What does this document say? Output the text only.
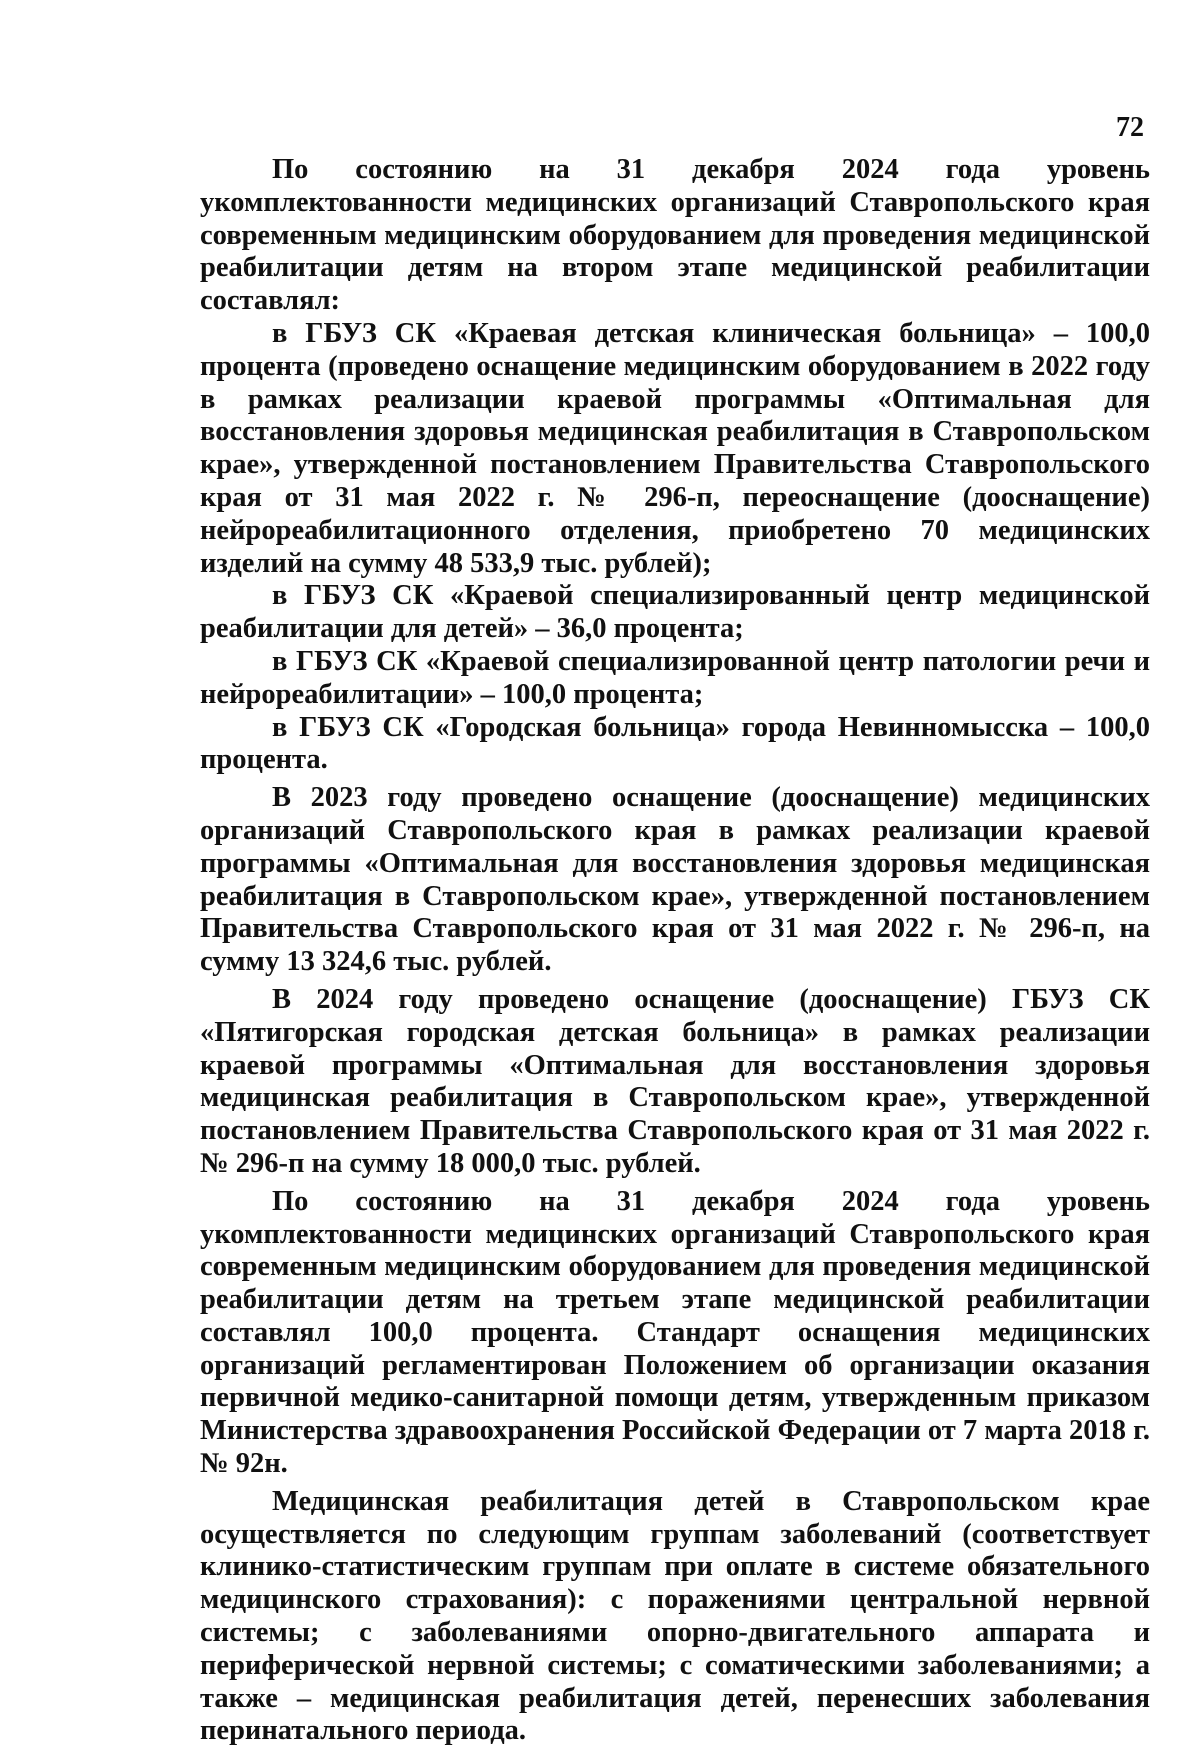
72

По состоянию на 31 декабря 2024 года уровень укомплектованности медицинских организаций Ставропольского края современным медицинским оборудованием для проведения медицинской реабилитации детям на втором этапе медицинской реабилитации составлял:

в ГБУЗ СК «Краевая детская клиническая больница» – 100,0 процента (проведено оснащение медицинским оборудованием в 2022 году в рамках реализации краевой программы «Оптимальная для восстановления здоровья медицинская реабилитация в Ставропольском крае», утвержденной постановлением Правительства Ставропольского края от 31 мая 2022 г. № 296-п, переоснащение (дооснащение) нейрореабилитационного отделения, приобретено 70 медицинских изделий на сумму 48 533,9 тыс. рублей);

в ГБУЗ СК «Краевой специализированный центр медицинской реабилитации для детей» – 36,0 процента;

в ГБУЗ СК «Краевой специализированной центр патологии речи и нейрореабилитации» – 100,0 процента;

в ГБУЗ СК «Городская больница» города Невинномысска – 100,0 процента.

В 2023 году проведено оснащение (дооснащение) медицинских организаций Ставропольского края в рамках реализации краевой программы «Оптимальная для восстановления здоровья медицинская реабилитация в Ставропольском крае», утвержденной постановлением Правительства Ставропольского края от 31 мая 2022 г. № 296-п, на сумму 13 324,6 тыс. рублей.

В 2024 году проведено оснащение (дооснащение) ГБУЗ СК «Пятигорская городская детская больница» в рамках реализации краевой программы «Оптимальная для восстановления здоровья медицинская реабилитация в Ставропольском крае», утвержденной постановлением Правительства Ставропольского края от 31 мая 2022 г. № 296-п на сумму 18 000,0 тыс. рублей.

По состоянию на 31 декабря 2024 года уровень укомплектованности медицинских организаций Ставропольского края современным медицинским оборудованием для проведения медицинской реабилитации детям на третьем этапе медицинской реабилитации составлял 100,0 процента. Стандарт оснащения медицинских организаций регламентирован Положением об организации оказания первичной медико-санитарной помощи детям, утвержденным приказом Министерства здравоохранения Российской Федерации от 7 марта 2018 г. № 92н.

Медицинская реабилитация детей в Ставропольском крае осуществляется по следующим группам заболеваний (соответствует клинико-статистическим группам при оплате в системе обязательного медицинского страхования): с поражениями центральной нервной системы; с заболеваниями опорно-двигательного аппарата и периферической нервной системы; с соматическими заболеваниями; а также – медицинская реабилитация детей, перенесших заболевания перинатального периода.
